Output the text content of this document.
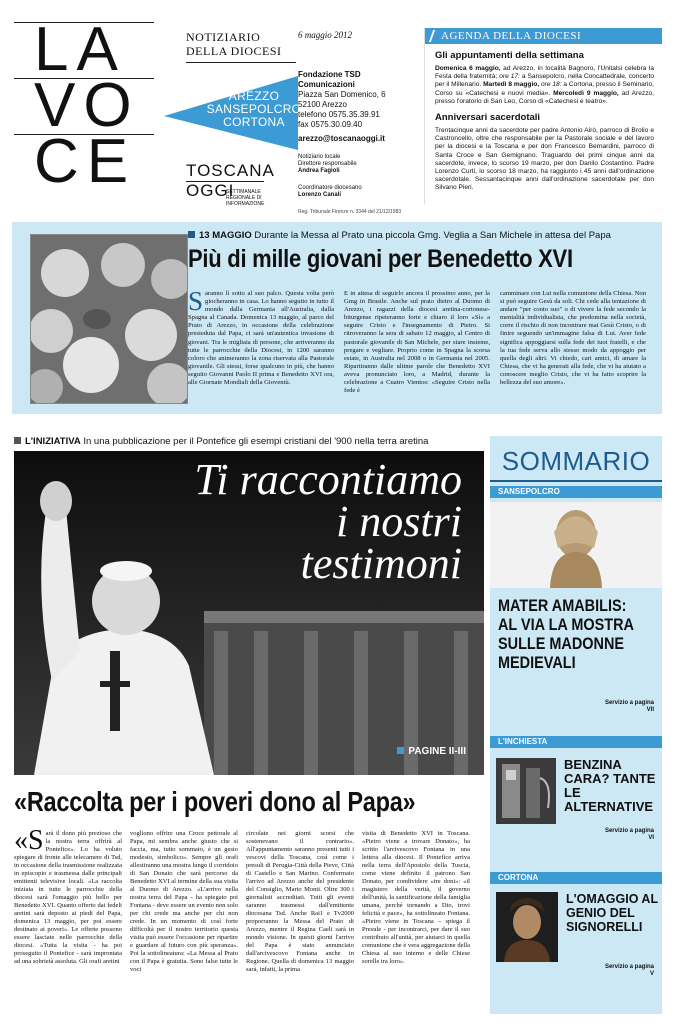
LA
VO
CE
NOTIZIARIO
DELLA DIOCESI
AREZZO
SANSEPOLCRO
CORTONA
TOSCANA
OGGI
SETTIMANALE REGIONALE DI INFORMAZIONE
6 maggio 2012
Fondazione TSD Comunicazioni
Piazza San Domenico, 6
52100 Arezzo
telefono 0575.35.39.91
fax 0575.30.09.40
arezzo@toscanaoggi.it
Notiziario locale
Direttore responsabile
Andrea Fagioli
Coordinatore diocesano
Lorenzo Canali
Reg. Tribunale Firenze n. 3344 del 21/12/1983
AGENDA DELLA DIOCESI
Gli appuntamenti della settimana

Domenica 6 maggio, ad Arezzo, in località Bagnoro, l'Unitalsi celebra la Festa della fraternità; ore 17: a Sansepolcro, nella Concattedrale, concerto per il Millenario. Martedì 8 maggio, ore 18: a Cortona, presso il Seminario, Corso su «Catechesi e nuovi media». Mercoledì 9 maggio, ad Arezzo, presso l'oratorio di San Leo, Corso di «Catechesi e teatro».

Anniversari sacerdotali

Trentacinque anni da sacerdote per padre Antonio Airò, parroco di Brolio e Castroncello, oltre che responsabile per la Pastorale sociale e del lavoro per la diocesi e la Toscana e per don Francesco Bernardini, parroco di Santa Croce e San Gemignano. Traguardo dei primi cinque anni da sacerdote, invece, lo scorso 19 marzo, per don Danilo Costantino. Padre Lorenzo Curti, lo scorso 18 marzo, ha raggiunto i 45 anni dall'ordinazione sacerdotale. Sessantacinque anni dall'ordinazione sacerdotale per don Silvano Pieri.

13 MAGGIO Durante la Messa al Prato una piccola Gmg. Veglia a San Michele in attesa del Papa
Più di mille giovani per Benedetto XVI
Saranno lì sotto al suo palco. Questa volta però giocheranno in casa. Lo hanno seguito in tutto il mondo dalla Germania all'Australia, dalla Spagna al Canada. Domenica 13 maggio, al parco del Prato di Arezzo, in occasione della celebrazione presieduta dal Papa, ci sarà un'autentica invasione di giovani. Tra le migliaia di persone, che arriveranno da tutte le parrocchie della Diocesi, in 1200 saranno coloro che animeranno la zona riservata alla Pastorale giovanile. Gli stessi, forse qualcuno in più, che hanno seguito Giovanni Paolo II prima e Benedetto XVI ora, alle Giornate Mondiali della Gioventù.
E in attesa di seguirlo ancora il prossimo anno, per la Gmg in Brasile. Anche sul prato dietro al Duomo di Arezzo, i ragazzi della diocesi aretina-cortonese-biturgense ripeteranno forte e chiaro il loro «Sì» a seguire Cristo e l'insegnamento di Pietro. Si ritroveranno la sera di sabato 12 maggio, al Centro di pastorale giovanile di San Michele, per stare insieme, pregare e vegliare. Proprio come in Spagna la scorsa estate, in Australia nel 2008 o in Germania nel 2005. Ripartiranno dalle ultime parole che Benedetto XVI aveva pronunciato loro, a Madrid, durante la celebrazione a Cuatro Vientos: «Seguire Cristo nella fede è
camminare con Lui nella comunione della Chiesa. Non si può seguire Gesù da soli. Chi cede alla tentazione di andare "per conto suo" o di vivere la fede secondo la mentalità individualista, che predomina nella società, corre il rischio di non incontrare mai Gesù Cristo, o di finire seguendo un'immagine falsa di Lui. Aver fede significa appoggiarsi sulla fede dei tuoi fratelli, e che la tua fede serva allo stesso modo da appoggio per quella degli altri. Vi chiedo, cari amici, di amare la Chiesa, che vi ha generati alla fede, che vi ha aiutato a conoscere meglio Cristo, che vi ha fatto scoprire la bellezza del suo amore».
L'INIZIATIVA In una pubblicazione per il Pontefice gli esempi cristiani del '900 nella terra aretina
Ti raccontiamo
i nostri
testimoni
PAGINE II-III
«Raccolta per i poveri dono al Papa»
«Sarà il dono più prezioso che la nostra terra offrirà al Pontefice». Lo ha voluto spiegare di fronte alle telecamere di Tsd, in occasione della trasmissione realizzata in episcopio e trasmessa dalle principali emittenti televisive locali. «La raccolta iniziata in tutte le parrocchie della diocesi sarà l'omaggio più bello per Benedetto XVI. Quanto offerto dai fedeli aretini sarà deposto ai piedi del Papa, domenica 13 maggio, per poi essere destinato ai poveri». Le offerte possono essere lasciate nelle parrocchie della diocesi. «Tutta la visita - ha poi proseguito il Pontefice - sarà improntata ad una sobrietà assoluta. Gli orafi aretini
vogliono offrire una Croce pettorale al Papa, mi sembra anche giusto che si faccia, ma, tutto sommato, è un gesto modesto, simbolico». Sempre gli orafi allestiranno una mostra lungo il corridoio di San Donato che sarà percorso da Benedetto XVI al termine della sua visita al Duomo di Arezzo. «L'arrivo nella nostra terra del Papa - ha spiegato poi Fontana - deve essere un evento non solo per chi crede ma anche per chi non crede. In un momento di così forte difficoltà per il nostro territorio questa visita può essere l'occasione per ripartire e guardare al futuro con più speranza». Poi la sottolineatura: «La Messa al Prato con il Papa è gratuita. Sono false tutte le voci
circolate nei giorni scorsi che sostenevano il contrario». All'appuntamento saranno presenti tutti i vescovi della Toscana, così come i presuli di Perugia-Città della Pieve, Città di Castello e San Marino. Confermato l'arrivo ad Arezzo anche del presidente del Consiglio, Mario Monti. Oltre 300 i giornalisti accreditati. Tutti gli eventi saranno trasmessi dall'emittente diocesana Tsd. Anche Rai1 e Tv2000 proporranno la Messa del Prato di Arezzo, mentre il Regina Caeli sarà in mondo visione. In questi giorni l'arrivo del Papa è stato annunciato dall'arcivescovo Fontana anche in Regione. Quella di domenica 13 maggio sarà, infatti, la prima
visita di Benedetto XVI in Toscana. «Pietro viene a trovare Donato», ha scritto l'arcivescovo Fontana in una lettera alla diocesi. Il Pontefice arriva nella terra dell'Apostolo della Tuscia, come viene definito il patrono San Donato, per condividere «tre doni»: «il magistero della verità, il governo dell'unità, la santificazione della famiglia umana, perché tornando a Dio, trovi felicità e pace», ha sottolineato Fontana. «Pietro viene in Toscana – spiega il Presule - per incontrarci, per dare il suo contributo all'unità, per aiutarci in quella comunione che è vera aggregazione della Chiesa al suo interno e delle Chiese sorelle tra loro».
SOMMARIO
SANSEPOLCRO
MATER AMABILIS: AL VIA LA MOSTRA SULLE MADONNE MEDIEVALI
Servizio a pagina
VII
L'INCHIESTA
BENZINA CARA? TANTE LE ALTERNATIVE
Servizio a pagina
VI
CORTONA
L'OMAGGIO AL GENIO DEL SIGNORELLI
Servizio a pagina
V
